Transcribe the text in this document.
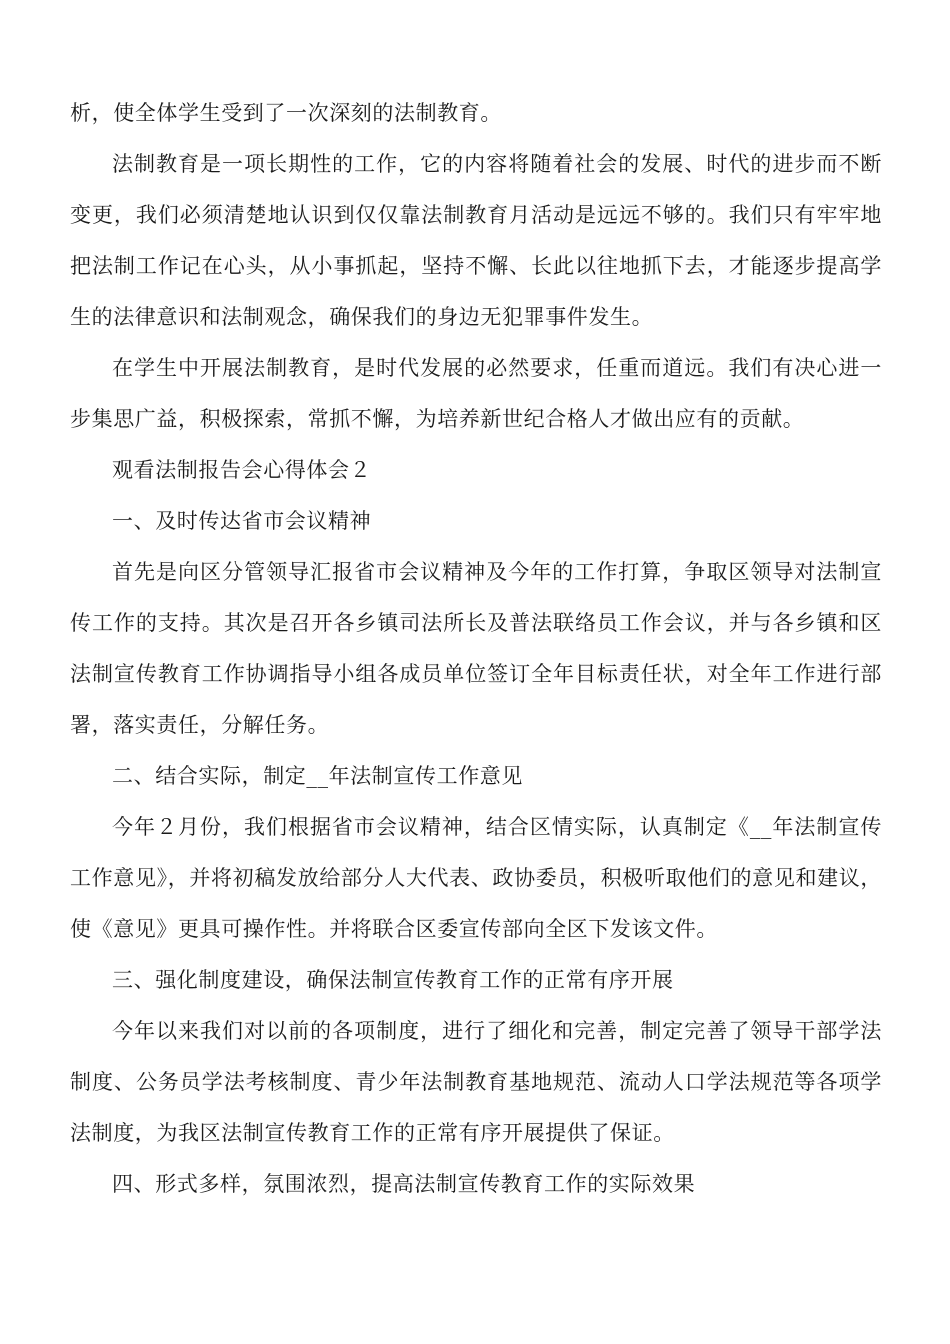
析，使全体学生受到了一次深刻的法制教育。

法制教育是一项长期性的工作，它的内容将随着社会的发展、时代的进步而不断变更，我们必须清楚地认识到仅仅靠法制教育月活动是远远不够的。我们只有牢牢地把法制工作记在心头，从小事抓起，坚持不懈、长此以往地抓下去，才能逐步提高学生的法律意识和法制观念，确保我们的身边无犯罪事件发生。

在学生中开展法制教育，是时代发展的必然要求，任重而道远。我们有决心进一步集思广益，积极探索，常抓不懈，为培养新世纪合格人才做出应有的贡献。

观看法制报告会心得体会２

一、及时传达省市会议精神

首先是向区分管领导汇报省市会议精神及今年的工作打算，争取区领导对法制宣传工作的支持。其次是召开各乡镇司法所长及普法联络员工作会议，并与各乡镇和区法制宣传教育工作协调指导小组各成员单位签订全年目标责任状，对全年工作进行部署，落实责任，分解任务。

二、结合实际，制定__年法制宣传工作意见

今年２月份，我们根据省市会议精神，结合区情实际，认真制定《__年法制宣传工作意见》，并将初稿发放给部分人大代表、政协委员，积极听取他们的意见和建议，使《意见》更具可操作性。并将联合区委宣传部向全区下发该文件。

三、强化制度建设，确保法制宣传教育工作的正常有序开展

今年以来我们对以前的各项制度，进行了细化和完善，制定完善了领导干部学法制度、公务员学法考核制度、青少年法制教育基地规范、流动人口学法规范等各项学法制度，为我区法制宣传教育工作的正常有序开展提供了保证。

四、形式多样，氛围浓烈，提高法制宣传教育工作的实际效果
